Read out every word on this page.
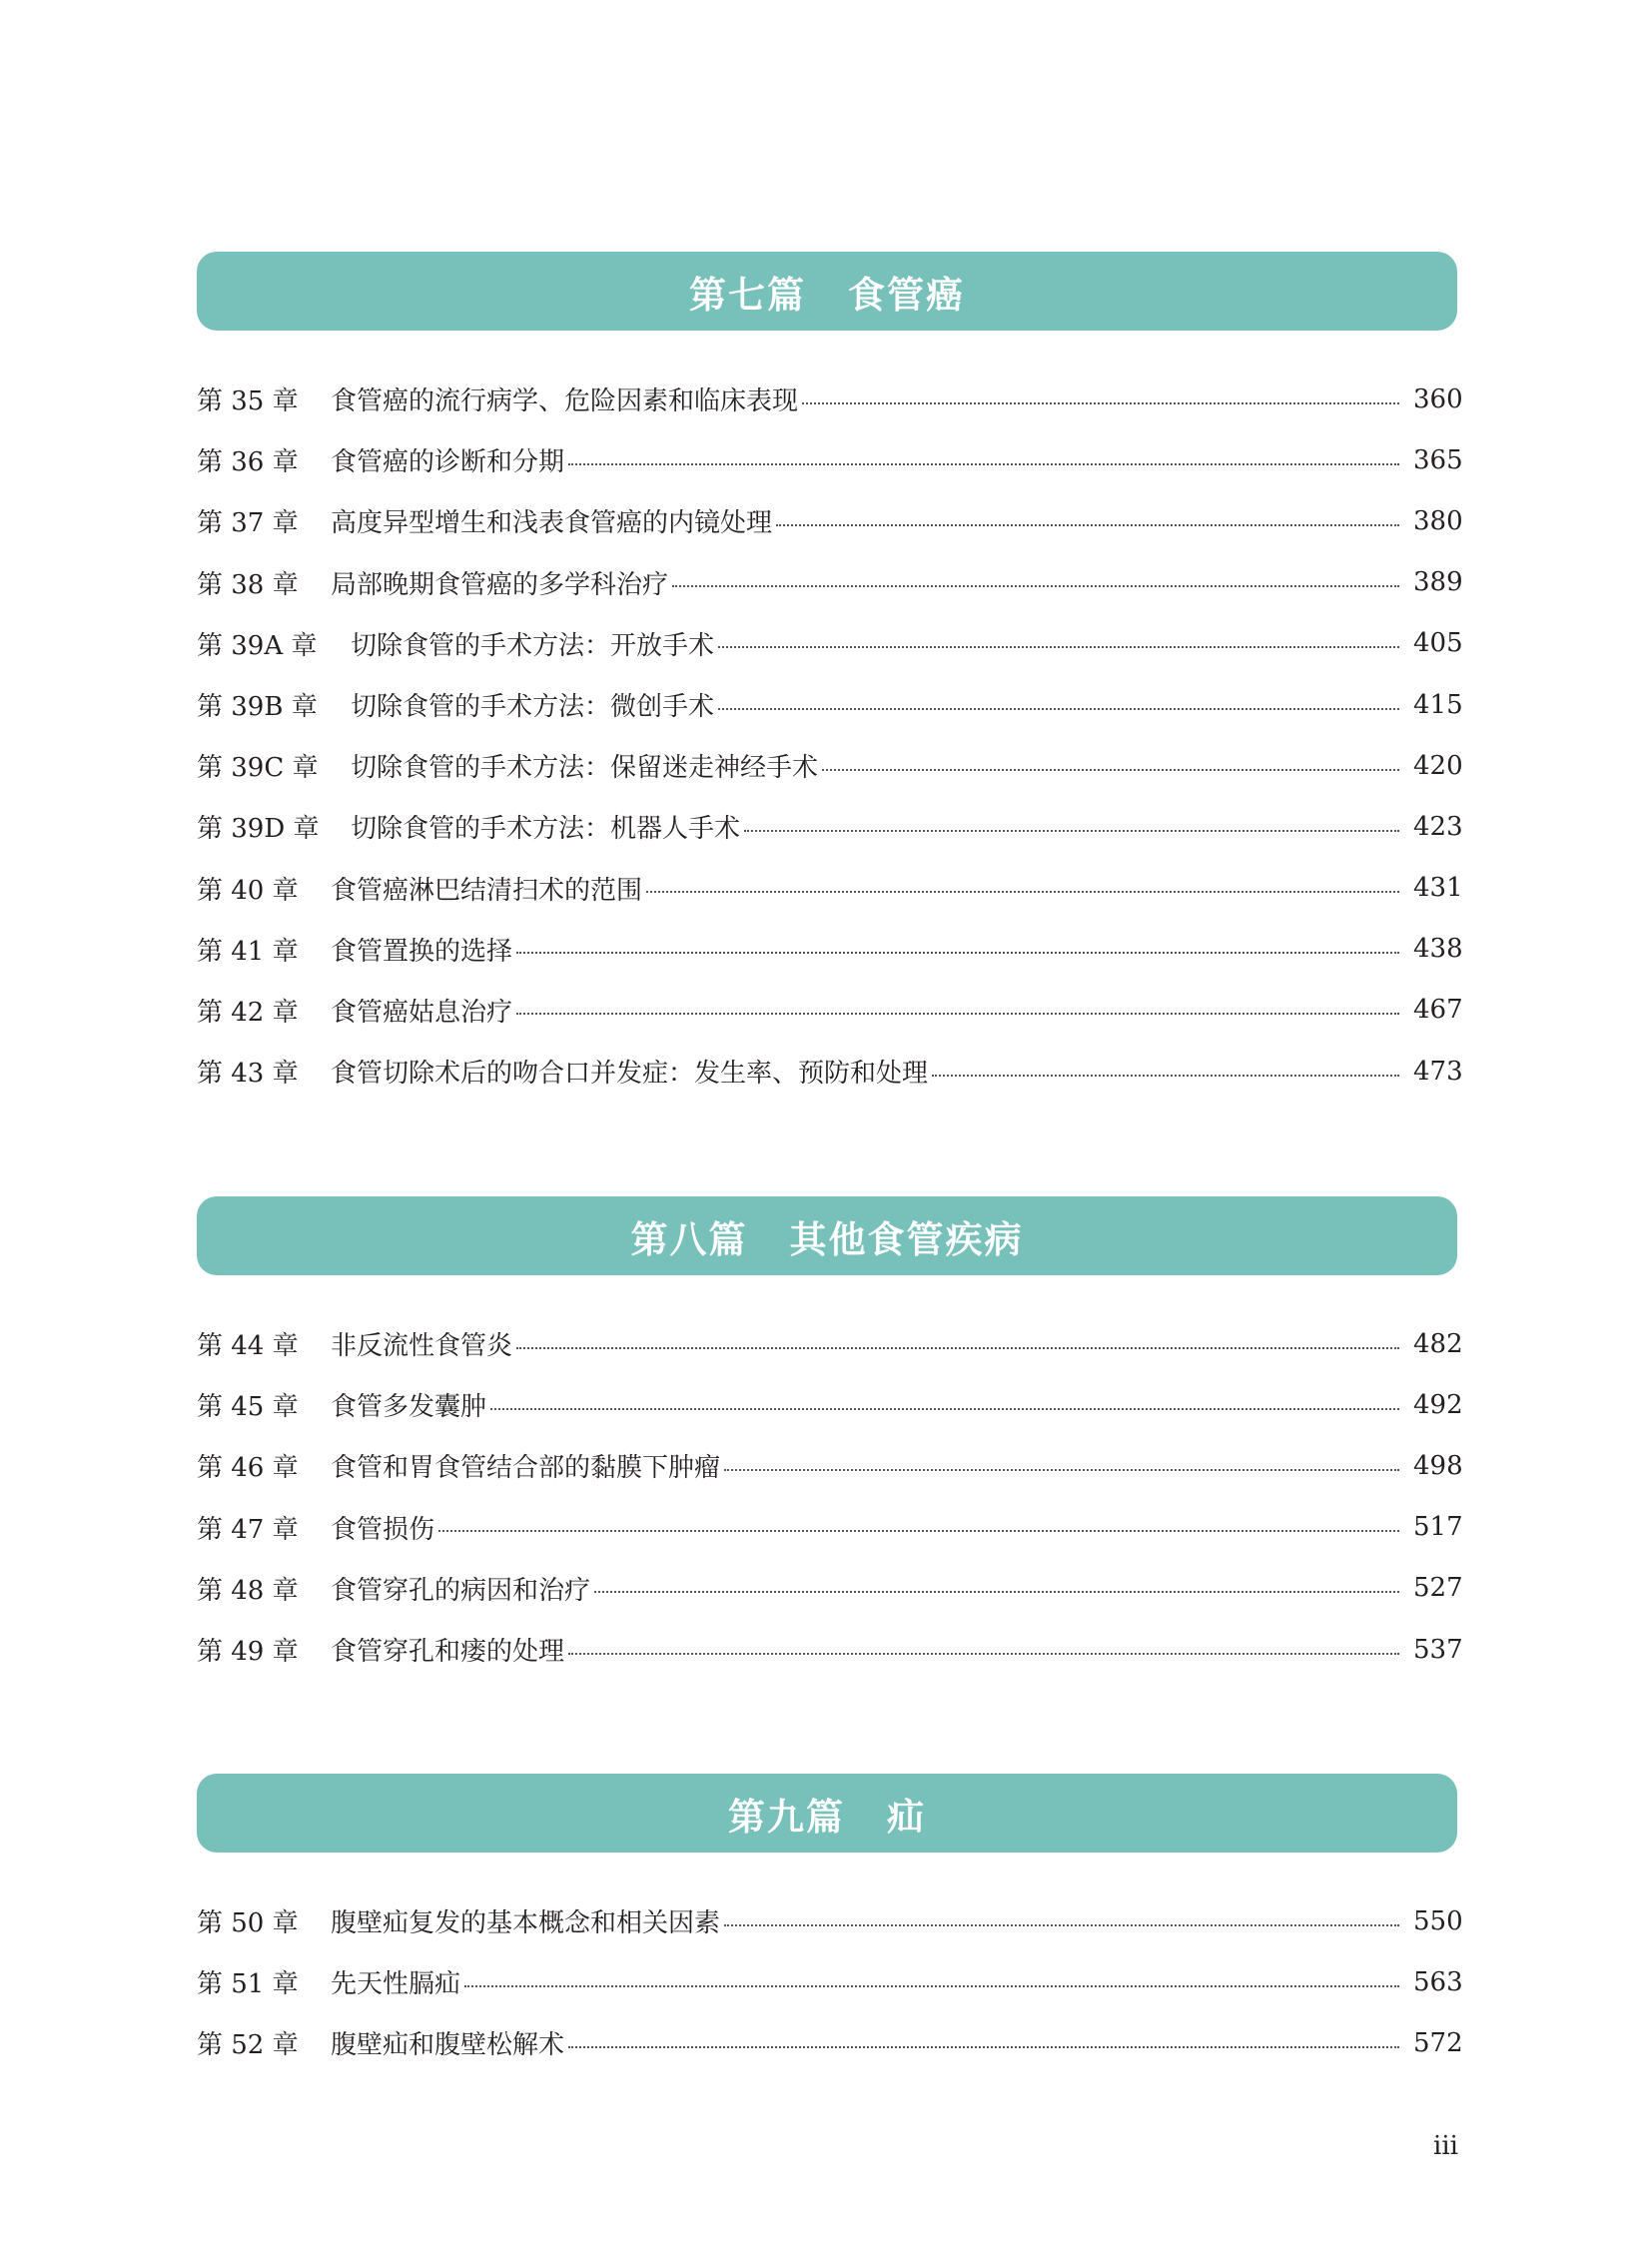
第七篇 食管癌
第 35 章	食管癌的流行病学、危险因素和临床表现	360
第 36 章	食管癌的诊断和分期	365
第 37 章	高度异型增生和浅表食管癌的内镜处理	380
第 38 章	局部晚期食管癌的多学科治疗	389
第 39A 章	切除食管的手术方法：开放手术	405
第 39B 章	切除食管的手术方法：微创手术	415
第 39C 章	切除食管的手术方法：保留迷走神经手术	420
第 39D 章	切除食管的手术方法：机器人手术	423
第 40 章	食管癌淋巴结清扫术的范围	431
第 41 章	食管置换的选择	438
第 42 章	食管癌姑息治疗	467
第 43 章	食管切除术后的吻合口并发症：发生率、预防和处理	473
第八篇 其他食管疾病
第 44 章	非反流性食管炎	482
第 45 章	食管多发囊肿	492
第 46 章	食管和胃食管结合部的黏膜下肿瘤	498
第 47 章	食管损伤	517
第 48 章	食管穿孔的病因和治疗	527
第 49 章	食管穿孔和瘘的处理	537
第九篇 疝
第 50 章	腹壁疝复发的基本概念和相关因素	550
第 51 章	先天性膈疝	563
第 52 章	腹壁疝和腹壁松解术	572
iii
